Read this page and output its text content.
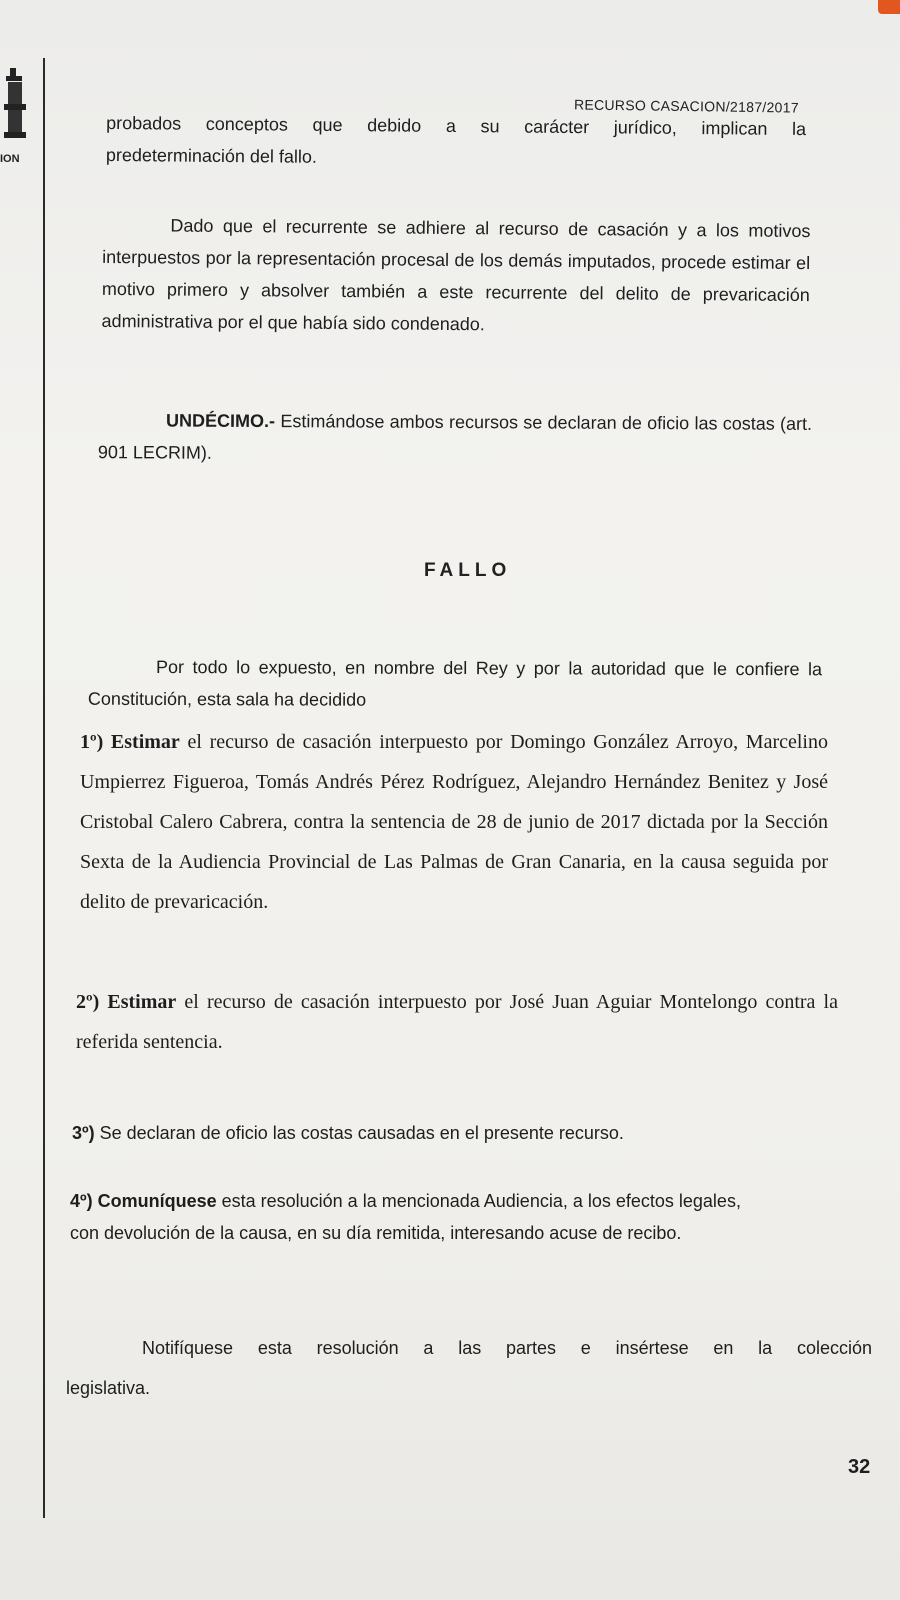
ION
RECURSO CASACION/2187/2017
probados conceptos que debido a su carácter jurídico, implican la
predeterminación del fallo.
Dado que el recurrente se adhiere al recurso de casación y a los motivos interpuestos por la representación procesal de los demás imputados, procede estimar el motivo primero y absolver también a este recurrente del delito de prevaricación administrativa por el que había sido condenado.
UNDÉCIMO.- Estimándose ambos recursos se declaran de oficio las costas (art. 901 LECRIM).
FALLO
Por todo lo expuesto, en nombre del Rey y por la autoridad que le confiere la Constitución, esta sala ha decidido
1º) Estimar el recurso de casación interpuesto por Domingo González Arroyo, Marcelino Umpierrez Figueroa, Tomás Andrés Pérez Rodríguez, Alejandro Hernández Benitez y José Cristobal Calero Cabrera, contra la sentencia de 28 de junio de 2017 dictada por la Sección Sexta de la Audiencia Provincial de Las Palmas de Gran Canaria, en la causa seguida por delito de prevaricación.
2º) Estimar el recurso de casación interpuesto por José Juan Aguiar Montelongo contra la referida sentencia.
3º) Se declaran de oficio las costas causadas en el presente recurso.
4º) Comuníquese esta resolución a la mencionada Audiencia, a los efectos legales,
con devolución de la causa, en su día remitida, interesando acuse de recibo.
Notifíquese esta resolución a las partes e insértese en la colección
legislativa.
32
